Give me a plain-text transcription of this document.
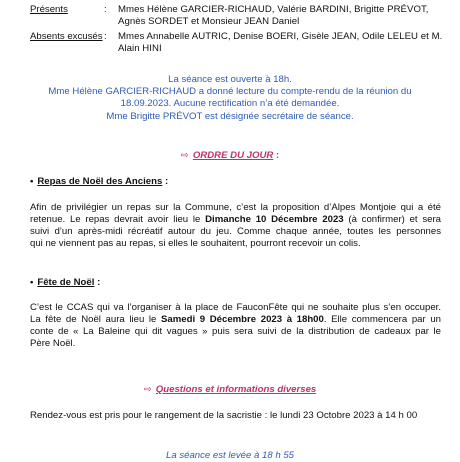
Présents	: Mmes Hélène GARCIER-RICHAUD, Valérie BARDINI, Brigitte PRÉVOT,
Agnès SORDET et Monsieur JEAN Daniel
Absents excusés : Mmes Annabelle AUTRIC, Denise BOERI, Gisèle JEAN, Odile LELEU et M.
Alain HINI
La séance est ouverte à 18h.
Mme Hélène GARCIER-RICHAUD a donné lecture du compte-rendu de la réunion du
18.09.2023. Aucune rectification n’a été demandée.
Mme Brigitte PRÉVOT est désignée secrétaire de séance.
⇨ ORDRE DU JOUR :
• Repas de Noël des Anciens :
Afin de privilégier un repas sur la Commune, c’est la proposition d’Alpes Montjoie qui a été
retenue. Le repas devrait avoir lieu le Dimanche 10 Décembre 2023 (à confirmer) et sera
suivi d’un après-midi récréatif autour du jeu. Comme chaque année, toutes les personnes
qui ne viennent pas au repas, si elles le souhaitent, pourront recevoir un colis.
• Fête de Noël :
C’est le CCAS qui va l’organiser à la place de FauconFête qui ne souhaite plus s’en occuper.
La fête de Noël aura lieu le Samedi 9 Décembre 2023 à 18h00. Elle commencera par un
conte de « La Baleine qui dit vagues » puis sera suivi de la distribution de cadeaux par le
Père Noël.
⇨ Questions et informations diverses
Rendez-vous est pris pour le rangement de la sacristie : le lundi 23 Octobre 2023 à 14 h 00
La séance est levée à 18 h 55
